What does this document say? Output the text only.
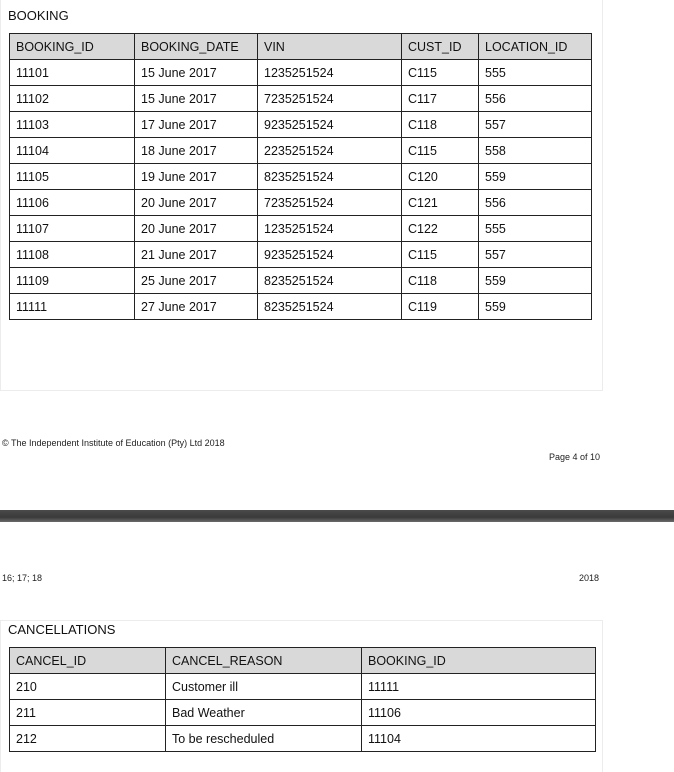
BOOKING
BOOKING_ID	BOOKING_DATE	VIN	CUST_ID	LOCATION_ID
11101	15 June 2017	1235251524	C115	555
11102	15 June 2017	7235251524	C117	556
11103	17 June 2017	9235251524	C118	557
11104	18 June 2017	2235251524	C115	558
11105	19 June 2017	8235251524	C120	559
11106	20 June 2017	7235251524	C121	556
11107	20 June 2017	1235251524	C122	555
11108	21 June 2017	9235251524	C115	557
11109	25 June 2017	8235251524	C118	559
11111	27 June 2017	8235251524	C119	559
© The Independent Institute of Education (Pty) Ltd 2018
Page 4 of 10
16; 17; 18	2018
CANCELLATIONS
CANCEL_ID	CANCEL_REASON	BOOKING_ID
210	Customer ill	11111
211	Bad Weather	11106
212	To be rescheduled	11104
